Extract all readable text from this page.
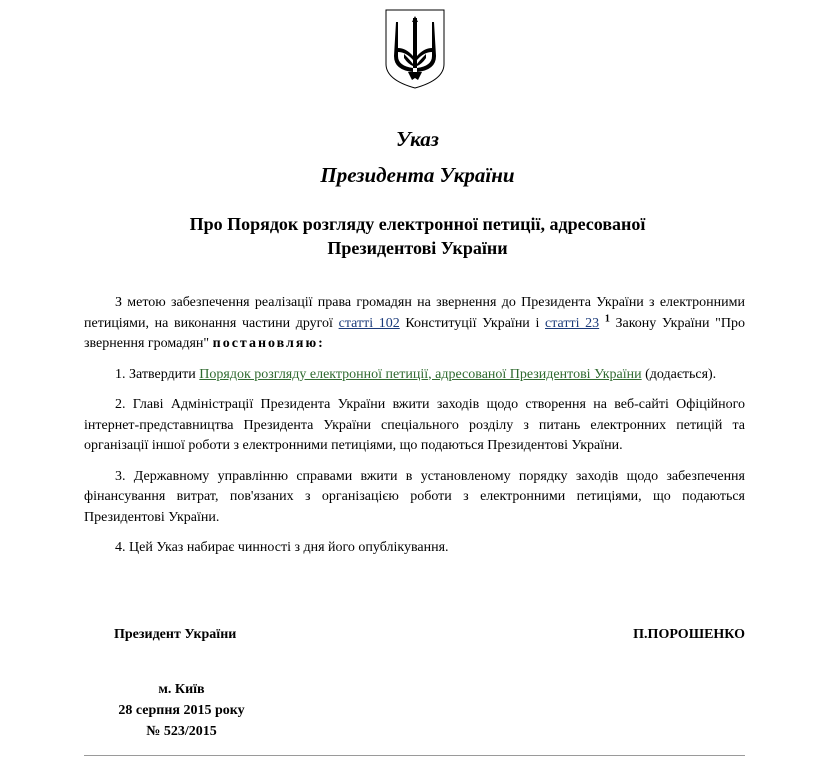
Указ
Президента України
Про Порядок розгляду електронної петиції, адресованої
Президентові України

З метою забезпечення реалізації права громадян на звернення до Президента України з електронними петиціями, на виконання частини другої статті 102 Конституції України і статті 23 $^1$ Закону України "Про звернення громадян" постановляю:

1. Затвердити Порядок розгляду електронної петиції, адресованої Президентові України (додається).

2. Главі Адміністрації Президента України вжити заходів щодо створення на веб-сайті Офіційного інтернет-представництва Президента України спеціального розділу з питань електронних петицій та організації іншої роботи з електронними петиціями, що подаються Президентові України.

3. Державному управлінню справами вжити в установленому порядку заходів щодо забезпечення фінансування витрат, пов'язаних з організацією роботи з електронними петиціями, що подаються Президентові України.

4. Цей Указ набирає чинності з дня його опублікування.

Президент України	П.ПОРОШЕНКО
м. Київ
28 серпня 2015 року
№ 523/2015
